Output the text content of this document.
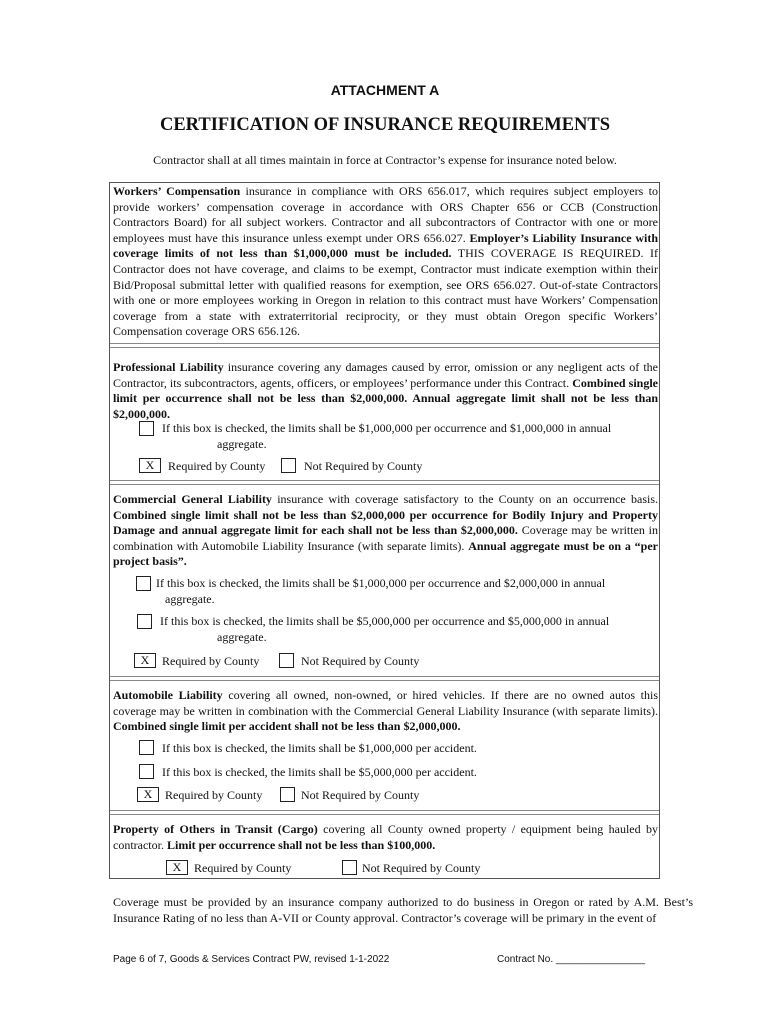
ATTACHMENT A
CERTIFICATION OF INSURANCE REQUIREMENTS
Contractor shall at all times maintain in force at Contractor’s expense for insurance noted below.
Workers’ Compensation insurance in compliance with ORS 656.017, which requires subject employers to provide workers’ compensation coverage in accordance with ORS Chapter 656 or CCB (Construction Contractors Board) for all subject workers. Contractor and all subcontractors of Contractor with one or more employees must have this insurance unless exempt under ORS 656.027. Employer’s Liability Insurance with coverage limits of not less than $1,000,000 must be included. THIS COVERAGE IS REQUIRED. If Contractor does not have coverage, and claims to be exempt, Contractor must indicate exemption within their Bid/Proposal submittal letter with qualified reasons for exemption, see ORS 656.027. Out-of-state Contractors with one or more employees working in Oregon in relation to this contract must have Workers’ Compensation coverage from a state with extraterritorial reciprocity, or they must obtain Oregon specific Workers’ Compensation coverage ORS 656.126.
Professional Liability insurance covering any damages caused by error, omission or any negligent acts of the Contractor, its subcontractors, agents, officers, or employees’ performance under this Contract. Combined single limit per occurrence shall not be less than $2,000,000. Annual aggregate limit shall not be less than $2,000,000.
If this box is checked, the limits shall be $1,000,000 per occurrence and $1,000,000 in annual
aggregate.
X	Required by County	Not Required by County
Commercial General Liability insurance with coverage satisfactory to the County on an occurrence basis. Combined single limit shall not be less than $2,000,000 per occurrence for Bodily Injury and Property Damage and annual aggregate limit for each shall not be less than $2,000,000. Coverage may be written in combination with Automobile Liability Insurance (with separate limits). Annual aggregate must be on a “per project basis”.
If this box is checked, the limits shall be $1,000,000 per occurrence and $2,000,000 in annual
aggregate.
If this box is checked, the limits shall be $5,000,000 per occurrence and $5,000,000 in annual
aggregate.
X	Required by County	Not Required by County
Automobile Liability covering all owned, non-owned, or hired vehicles. If there are no owned autos this coverage may be written in combination with the Commercial General Liability Insurance (with separate limits). Combined single limit per accident shall not be less than $2,000,000.
If this box is checked, the limits shall be $1,000,000 per accident.
If this box is checked, the limits shall be $5,000,000 per accident.
X	Required by County	Not Required by County
Property of Others in Transit (Cargo) covering all County owned property / equipment being hauled by contractor. Limit per occurrence shall not be less than $100,000.
X	Required by County	Not Required by County
Coverage must be provided by an insurance company authorized to do business in Oregon or rated by A.M. Best’s Insurance Rating of no less than A-VII or County approval. Contractor’s coverage will be primary in the event of
Page 6 of 7, Goods & Services Contract PW, revised 1-1-2022	Contract No. ________________
